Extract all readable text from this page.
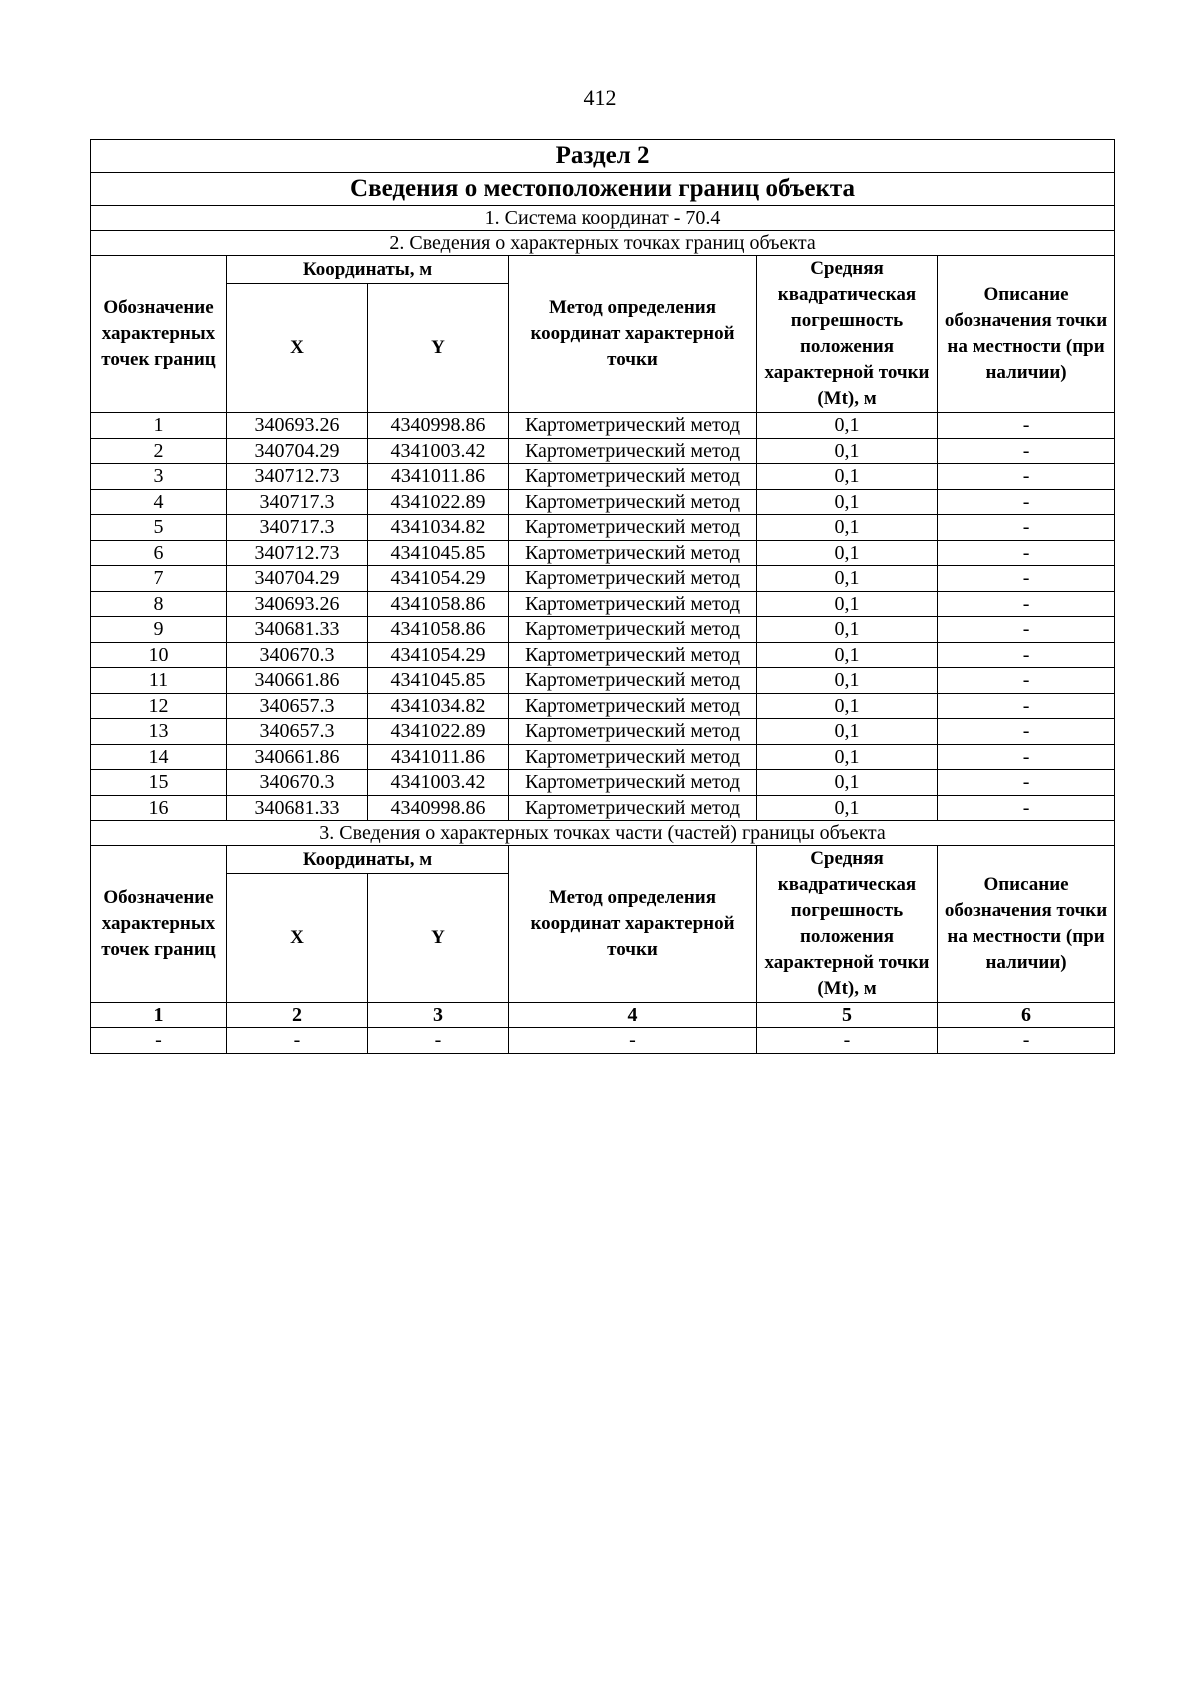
412
Раздел 2					
Сведения о местоположении границ объекта					
1. Система координат - 70.4					
2. Сведения о характерных точках границ объекта					
Обозначение характерных точек границ	Координаты, м		Метод определения координат характерной точки	Средняя квадратическая погрешность положения характерной точки (Mt), м	Описание обозначения точки на местности (при наличии)
	X	Y			
1	340693.26	4340998.86	Картометрический метод	0,1	-
2	340704.29	4341003.42	Картометрический метод	0,1	-
3	340712.73	4341011.86	Картометрический метод	0,1	-
4	340717.3	4341022.89	Картометрический метод	0,1	-
5	340717.3	4341034.82	Картометрический метод	0,1	-
6	340712.73	4341045.85	Картометрический метод	0,1	-
7	340704.29	4341054.29	Картометрический метод	0,1	-
8	340693.26	4341058.86	Картометрический метод	0,1	-
9	340681.33	4341058.86	Картометрический метод	0,1	-
10	340670.3	4341054.29	Картометрический метод	0,1	-
11	340661.86	4341045.85	Картометрический метод	0,1	-
12	340657.3	4341034.82	Картометрический метод	0,1	-
13	340657.3	4341022.89	Картометрический метод	0,1	-
14	340661.86	4341011.86	Картометрический метод	0,1	-
15	340670.3	4341003.42	Картометрический метод	0,1	-
16	340681.33	4340998.86	Картометрический метод	0,1	-
3. Сведения о характерных точках части (частей) границы объекта					
Обозначение характерных точек границ	Координаты, м		Метод определения координат характерной точки	Средняя квадратическая погрешность положения характерной точки (Mt), м	Описание обозначения точки на местности (при наличии)
	X	Y			
1	2	3	4	5	6
-	-	-	-	-	-
